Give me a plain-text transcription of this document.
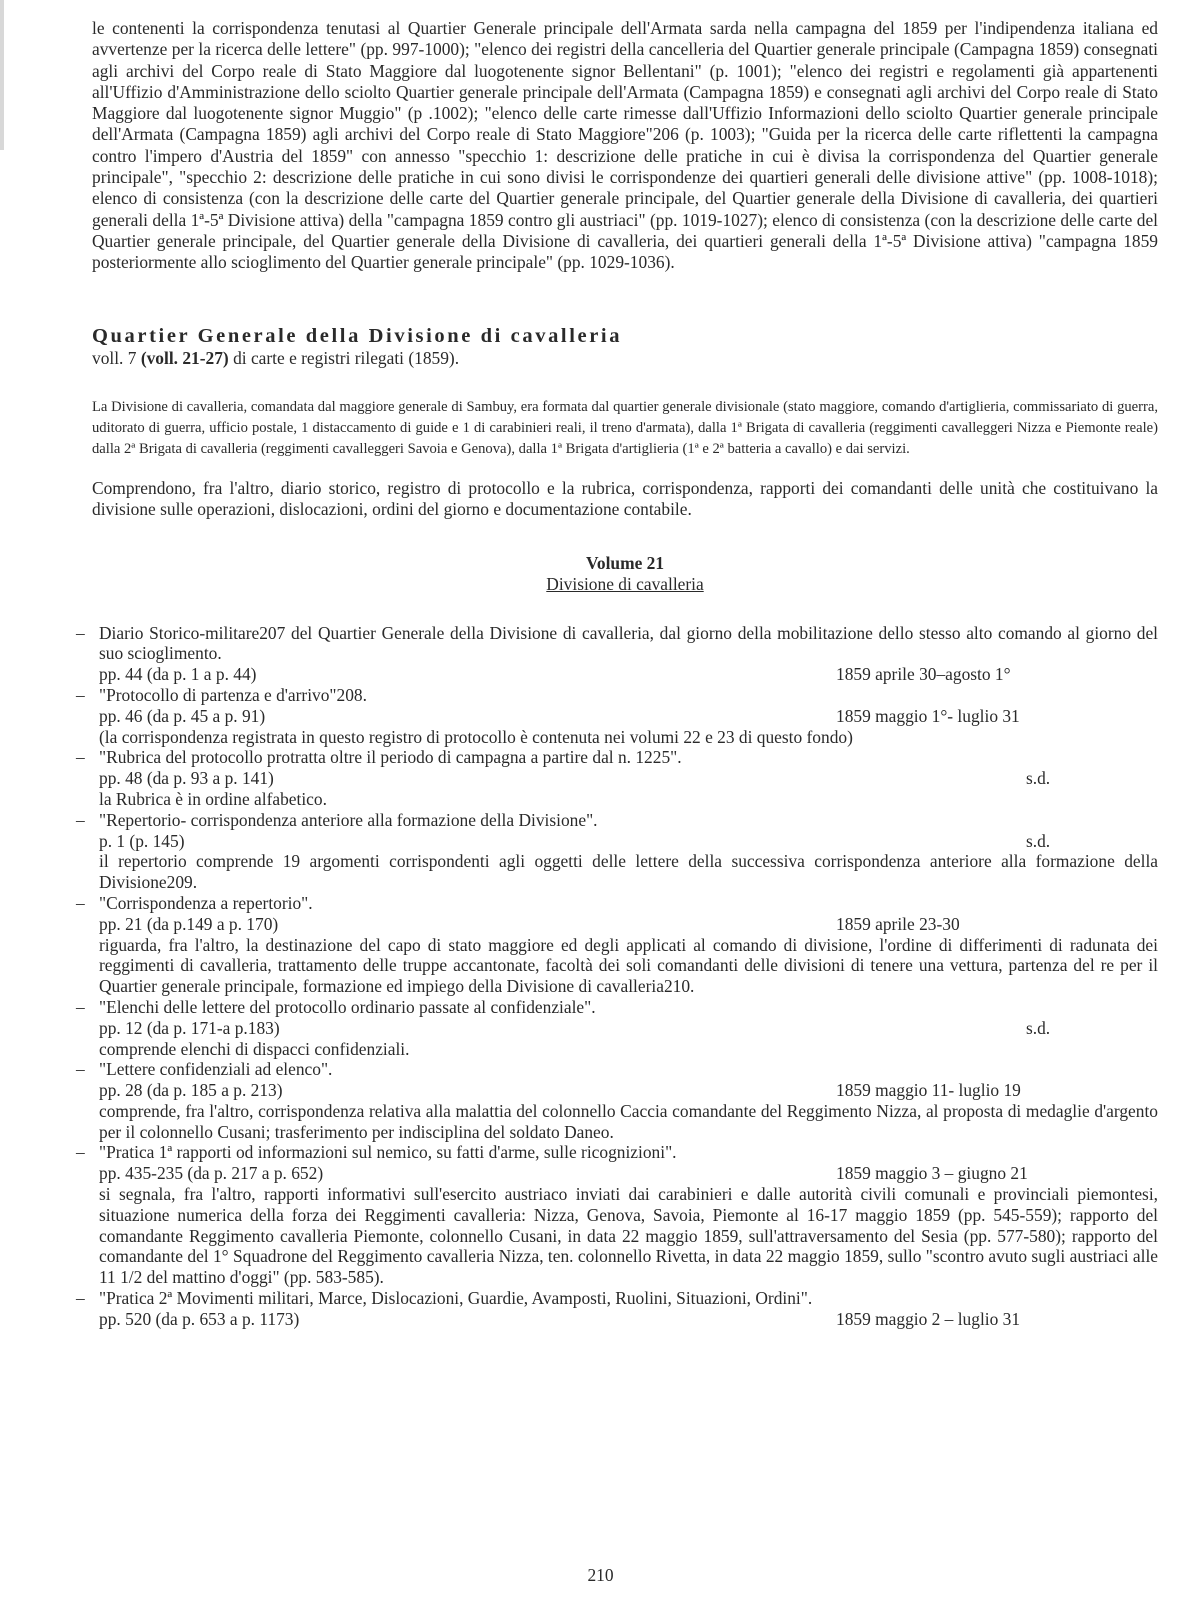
le contenenti la corrispondenza tenutasi al Quartier Generale principale dell'Armata sarda nella campagna del 1859 per l'indipendenza italiana ed avvertenze per la ricerca delle lettere" (pp. 997-1000); "elenco dei registri della cancelleria del Quartier generale principale (Campagna 1859) consegnati agli archivi del Corpo reale di Stato Maggiore dal luogotenente signor Bellentani" (p. 1001); "elenco dei registri e regolamenti già appartenenti all'Uffizio d'Amministrazione dello sciolto Quartier generale principale dell'Armata (Campagna 1859) e consegnati agli archivi del Corpo reale di Stato Maggiore dal luogotenente signor Muggio" (p .1002); "elenco delle carte rimesse dall'Uffizio Informazioni dello sciolto Quartier generale principale dell'Armata (Campagna 1859) agli archivi del Corpo reale di Stato Maggiore"206 (p. 1003); "Guida per la ricerca delle carte riflettenti la campagna contro l'impero d'Austria del 1859" con annesso "specchio 1: descrizione delle pratiche in cui è divisa la corrispondenza del Quartier generale principale", "specchio 2: descrizione delle pratiche in cui sono divisi le corrispondenze dei quartieri generali delle divisione attive" (pp. 1008-1018); elenco di consistenza (con la descrizione delle carte del Quartier generale principale, del Quartier generale della Divisione di cavalleria, dei quartieri generali della 1ª-5ª Divisione attiva) della "campagna 1859 contro gli austriaci" (pp. 1019-1027); elenco di consistenza (con la descrizione delle carte del Quartier generale principale, del Quartier generale della Divisione di cavalleria, dei quartieri generali della 1ª-5ª Divisione attiva) "campagna 1859 posteriormente allo scioglimento del Quartier generale principale" (pp. 1029-1036).

Quartier Generale della Divisione di cavalleria

voll. 7 (voll. 21-27) di carte e registri rilegati (1859).

La Divisione di cavalleria, comandata dal maggiore generale di Sambuy, era formata dal quartier generale divisionale (stato maggiore, comando d'artiglieria, commissariato di guerra, uditorato di guerra, ufficio postale, 1 distaccamento di guide e 1 di carabinieri reali, il treno d'armata), dalla 1ª Brigata di cavalleria (reggimenti cavalleggeri Nizza e Piemonte reale) dalla 2ª Brigata di cavalleria (reggimenti cavalleggeri Savoia e Genova), dalla 1ª Brigata d'artiglieria (1ª e 2ª batteria a cavallo) e dai servizi.

Comprendono, fra l'altro, diario storico, registro di protocollo e la rubrica, corrispondenza, rapporti dei comandanti delle unità che costituivano la divisione sulle operazioni, dislocazioni, ordini del giorno e documentazione contabile.

Volume 21
Divisione di cavalleria
– Diario Storico-militare207 del Quartier Generale della Divisione di cavalleria, dal giorno della mobilitazione dello stesso alto comando al giorno del suo scioglimento.
pp. 44 (da p. 1 a p. 44)	1859 aprile 30–agosto 1°
– "Protocollo di partenza e d'arrivo"208.
pp. 46 (da p. 45 a p. 91)	1859 maggio 1°- luglio 31
(la corrispondenza registrata in questo registro di protocollo è contenuta nei volumi 22 e 23 di questo fondo)
– "Rubrica del protocollo protratta oltre il periodo di campagna a partire dal n. 1225".
pp. 48 (da p. 93 a p. 141)	s.d.
la Rubrica è in ordine alfabetico.
– "Repertorio- corrispondenza anteriore alla formazione della Divisione".
p. 1 (p. 145)	s.d.
il repertorio comprende 19 argomenti corrispondenti agli oggetti delle lettere della successiva corrispondenza anteriore alla formazione della Divisione209.
– "Corrispondenza a repertorio".
pp. 21 (da p.149 a p. 170)	1859 aprile 23-30
riguarda, fra l'altro, la destinazione del capo di stato maggiore ed degli applicati al comando di divisione, l'ordine di differimenti di radunata dei reggimenti di cavalleria, trattamento delle truppe accantonate, facoltà dei soli comandanti delle divisioni di tenere una vettura, partenza del re per il Quartier generale principale, formazione ed impiego della Divisione di cavalleria210.
– "Elenchi delle lettere del protocollo ordinario passate al confidenziale".
pp. 12 (da p. 171-a p.183)	s.d.
comprende elenchi di dispacci confidenziali.
– "Lettere confidenziali ad elenco".
pp. 28 (da p. 185 a p. 213)	1859 maggio 11- luglio 19
comprende, fra l'altro, corrispondenza relativa alla malattia del colonnello Caccia comandante del Reggimento Nizza, al proposta di medaglie d'argento per il colonnello Cusani; trasferimento per indisciplina del soldato Daneo.
– "Pratica 1ª rapporti od informazioni sul nemico, su fatti d'arme, sulle ricognizioni".
pp. 435-235 (da p. 217 a p. 652)	1859 maggio 3 – giugno 21
si segnala, fra l'altro, rapporti informativi sull'esercito austriaco inviati dai carabinieri e dalle autorità civili comunali e provinciali piemontesi, situazione numerica della forza dei Reggimenti cavalleria: Nizza, Genova, Savoia, Piemonte al 16-17 maggio 1859 (pp. 545-559); rapporto del comandante Reggimento cavalleria Piemonte, colonnello Cusani, in data 22 maggio 1859, sull'attraversamento del Sesia (pp. 577-580); rapporto del comandante del 1° Squadrone del Reggimento cavalleria Nizza, ten. colonnello Rivetta, in data 22 maggio 1859, sullo "scontro avuto sugli austriaci alle 11 1/2 del mattino d'oggi" (pp. 583-585).
– "Pratica 2ª Movimenti militari, Marce, Dislocazioni, Guardie, Avamposti, Ruolini, Situazioni, Ordini".
pp. 520 (da p. 653 a p. 1173)	1859 maggio 2 – luglio 31
210
